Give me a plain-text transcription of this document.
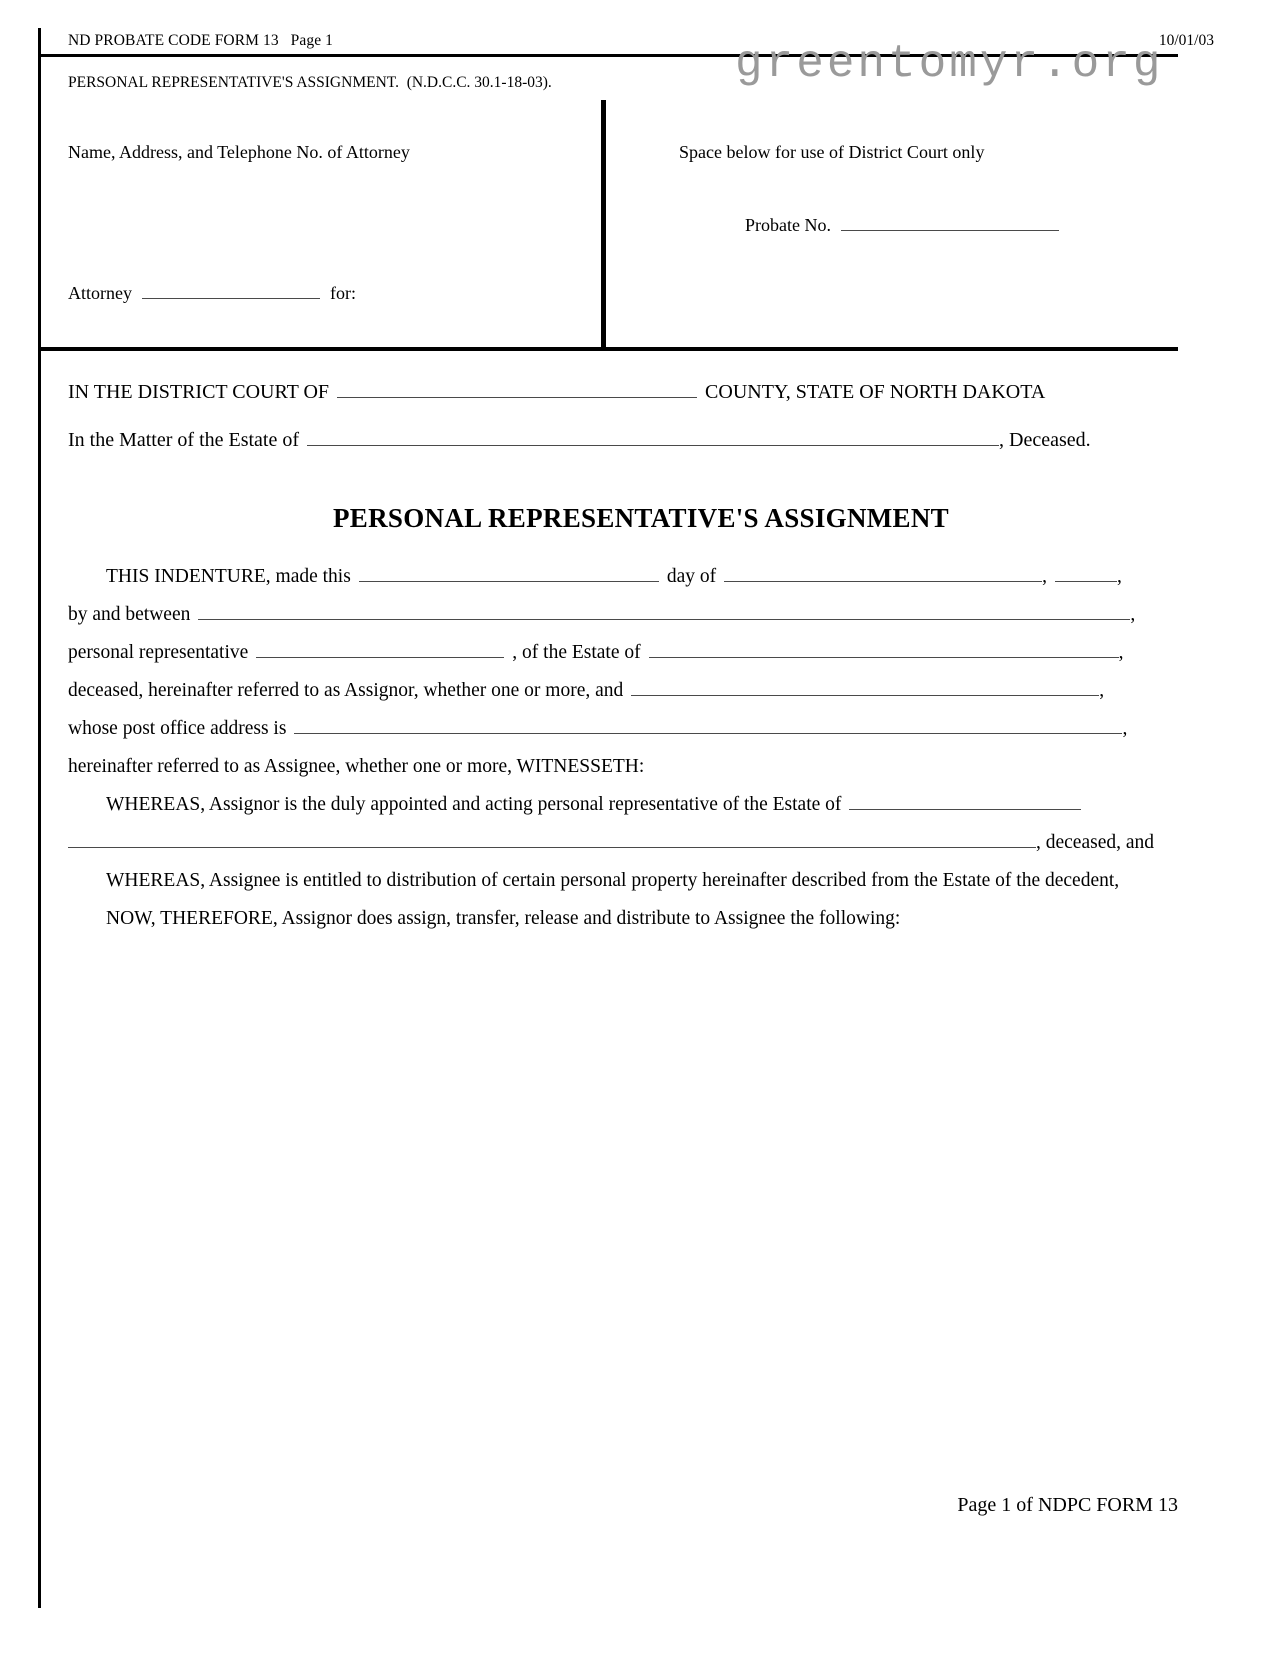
ND PROBATE CODE FORM 13   Page 1	10/01/03
greentomyr.org
PERSONAL REPRESENTATIVE'S ASSIGNMENT.  (N.D.C.C. 30.1-18-03).
Name, Address, and Telephone No. of Attorney
Attorney	for:
Space below for use of District Court only
Probate No.
IN THE DISTRICT COURT OF	COUNTY, STATE OF NORTH DAKOTA
In the Matter of the Estate of	, Deceased.
PERSONAL REPRESENTATIVE'S ASSIGNMENT
THIS INDENTURE, made this	day of	,	,
by and between	,
personal representative	, of the Estate of	,
deceased, hereinafter referred to as Assignor, whether one or more, and	,
whose post office address is	,
hereinafter referred to as Assignee, whether one or more, WITNESSETH:
WHEREAS, Assignor is the duly appointed and acting personal representative of the Estate of
, deceased, and
WHEREAS, Assignee is entitled to distribution of certain personal property hereinafter described from the Estate of the decedent,
NOW, THEREFORE, Assignor does assign, transfer, release and distribute to Assignee the following:
Page 1 of NDPC FORM 13
